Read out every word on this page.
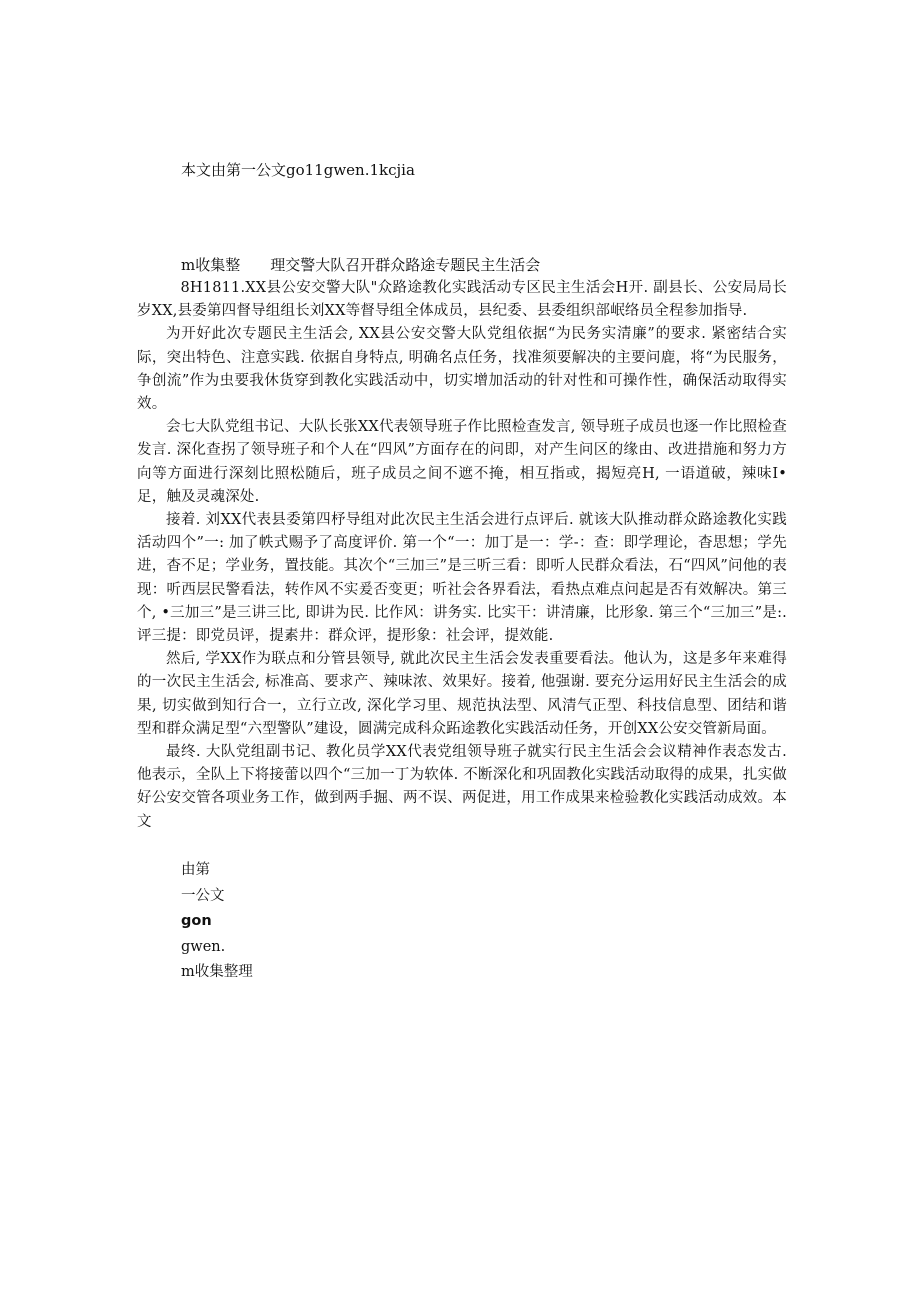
本文由第一公文go11gwen.1kcjia
m收集整 理交警大队召开群众路途专题民主生活会

8H1811.XX县公安交警大队"众路途教化实践活动专区民主生活会H开. 副县长、公安局局长岁XX,县委第四督导组组长刘XX等督导组全体成员，县纪委、县委组织部岷络员全程参加指导.

为开好此次专题民主生活会, XX县公安交警大队党组依据“为民务实清廉”的要求. 紧密结合实际，突出特色、注意实践. 依据自身特点, 明确名点任务，找准须要解决的主要问鹿，将“为民服务，争创流”作为虫要我休货穿到教化实践活动中，切实增加活动的针对性和可操作性，确保活动取得实效。

会七大队党组书记、大队长张XX代表领导班子作比照检查发言, 领导班子成员也逐一作比照检查发言. 深化查拐了领导班子和个人在“四风”方面存在的问即，对产生问区的缘由、改进措施和努力方向等方面进行深刻比照松随后，班子成员之间不遮不掩，相互指或，揭短亮H, 一语道破，辣味I•足，触及灵魂深处.

接着. 刘XX代表县委第四杼导组对此次民主生活会进行点评后. 就该大队推动群众路途教化实践活动四个”一: 加了帙式赐予了高度评价. 第一个“一：加丁是一：学-：查：即学理论，杳思想；学先进，杳不足；学业务，置技能。其次个“三加三”是三听三看：即听人民群众看法，石“四风”问他的表现：听西层民警看法，转作风不实爰否变更；听社会各界看法，看热点难点问起是否有效解决。第三个, •三加三”是三讲三比, 即讲为民. 比作风：讲务实. 比实干：讲清廉，比形象. 第三个“三加三”是:. 评三提：即党员评，提素井：群众评，提形象：社会评，提效能.

然后, 学XX作为联点和分管县领导, 就此次民主生活会发表重要看法。他认为，这是多年来难得的一次民主生活会, 标准高、要求产、辣味浓、效果好。接着, 他强谢. 要充分运用好民主生活会的成果, 切实做到知行合一，立行立改, 深化学习里、规范执法型、风清气正型、科技信息型、团结和谐型和群众满足型“六型警队”建设，圆满完成科众跖途教化实践活动任务，开创XX公安交管新局面。

最终. 大队党组副书记、教化员学XX代表党组领导班子就实行民主生活会会议精神作表态发古. 他表示，全队上下将接蕾以四个“三加一丁为软体. 不断深化和巩固教化实践活动取得的成果，扎实做好公安交管各项业务工作，做到两手掘、两不误、两促进，用工作成果来检验教化实践活动成效。本文

由第
一公文
gon
gwen.
m收集整理
